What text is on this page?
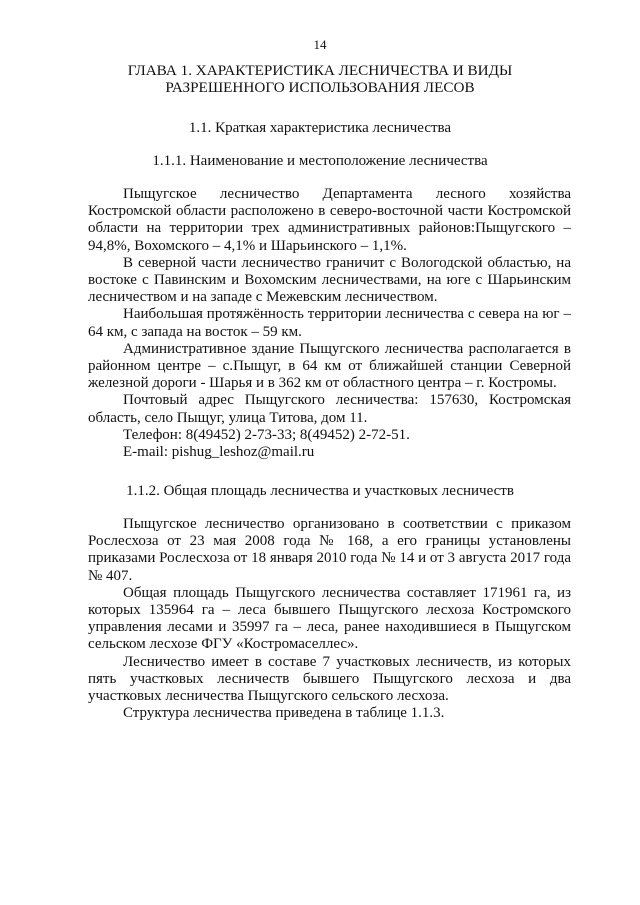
14
ГЛАВА 1. ХАРАКТЕРИСТИКА ЛЕСНИЧЕСТВА И ВИДЫ
РАЗРЕШЕННОГО ИСПОЛЬЗОВАНИЯ ЛЕСОВ
1.1. Краткая характеристика лесничества
1.1.1. Наименование и местоположение лесничества

Пыщугское лесничество Департамента лесного хозяйства Костромской области расположено в северо-восточной части Костромской области на территории трех административных районов:Пыщугского – 94,8%, Вохомского – 4,1% и Шарьинского – 1,1%.

В северной части лесничество граничит с Вологодской областью, на востоке с Павинским и Вохомским лесничествами, на юге с Шарьинским лесничеством и на западе с Межевским лесничеством.

Наибольшая протяжённость территории лесничества с севера на юг – 64 км, с запада на восток – 59 км.

Административное здание Пыщугского лесничества располагается в районном центре – с.Пыщуг, в 64 км от ближайшей станции Северной железной дороги - Шарья и в 362 км от областного центра – г. Костромы.

Почтовый адрес Пыщугского лесничества: 157630, Костромская область, село Пыщуг, улица Титова, дом 11.

Телефон: 8(49452) 2-73-33; 8(49452) 2-72-51.

E-mail: pishug_leshoz@mail.ru

1.1.2. Общая площадь лесничества и участковых лесничеств

Пыщугское лесничество организовано в соответствии с приказом Рослесхоза от 23 мая 2008 года № 168, а его границы установлены приказами Рослесхоза от 18 января 2010 года № 14 и от 3 августа 2017 года № 407.

Общая площадь Пыщугского лесничества составляет 171961 га, из которых 135964 га – леса бывшего Пыщугского лесхоза Костромского управления лесами и 35997 га – леса, ранее находившиеся в Пыщугском сельском лесхозе ФГУ «Костромаселлес».

Лесничество имеет в составе 7 участковых лесничеств, из которых пять участковых лесничеств бывшего Пыщугского лесхоза и два участковых лесничества Пыщугского сельского лесхоза.

Структура лесничества приведена в таблице 1.1.3.
